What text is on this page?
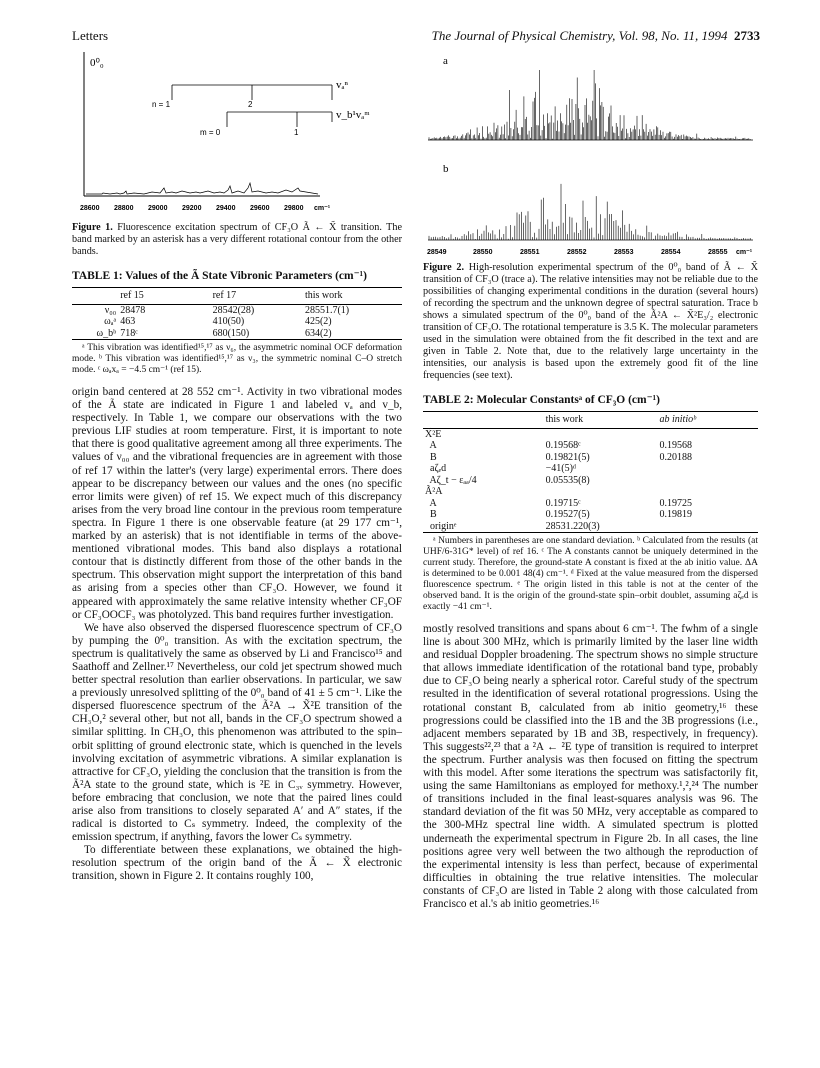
Letters	The Journal of Physical Chemistry, Vol. 98, No. 11, 1994 2733
0⁰₀
vₐⁿ
n = 1	2
v_b¹vₐᵐ
m = 0	1
28600 28800 29000 29200 29400 29600 29800 cm⁻¹

Figure 1. Fluorescence excitation spectrum of CF₃O Ã ← X̃ transition. The band marked by an asterisk has a very different rotational contour from the other bands.

TABLE 1: Values of the Ã State Vibronic Parameters (cm⁻¹)
	ref 15	ref 17	this work
ν₀₀	28478	28542(28)	28551.7(1)
ωₐᵃ	463	410(50)	425(2)
ω_bᵇ	718ᶜ	680(150)	634(2)

ᵃ This vibration was identified¹⁵,¹⁷ as ν₆, the asymmetric nominal OCF deformation mode. ᵇ This vibration was identified¹⁵,¹⁷ as ν₃, the symmetric nominal C–O stretch mode. ᶜ ωₐxₐ = −4.5 cm⁻¹ (ref 15).

origin band centered at 28 552 cm⁻¹. Activity in two vibrational modes of the Ã state are indicated in Figure 1 and labeled vₐ and v_b, respectively. In Table 1, we compare our observations with the two previous LIF studies at room temperature. First, it is important to note that there is good qualitative agreement among all three experiments. The values of ν₀₀ and the vibrational frequencies are in agreement with those of ref 17 within the latter's (very large) experimental errors. There does appear to be discrepancy between our values and the ones (no specific error limits were given) of ref 15. We expect much of this discrepancy arises from the very broad line contour in the previous room temperature spectra. In Figure 1 there is one observable feature (at 29 177 cm⁻¹, marked by an asterisk) that is not identifiable in terms of the above-mentioned vibrational modes. This band also displays a rotational contour that is distinctly different from those of the other bands in the spectrum. This observation might support the interpretation of this band as arising from a species other than CF₃O. However, we found it appeared with approximately the same relative intensity whether CF₃OF or CF₃OOCF₃ was photolyzed. This band requires further investigation.

We have also observed the dispersed fluorescence spectrum of CF₃O by pumping the 0⁰₀ transition. As with the excitation spectrum, the spectrum is qualitatively the same as observed by Li and Francisco¹⁵ and Saathoff and Zellner.¹⁷ Nevertheless, our cold jet spectrum showed much better spectral resolution than earlier observations. In particular, we saw a previously unresolved splitting of the 0⁰₀ band of 41 ± 5 cm⁻¹. Like the dispersed fluorescence spectrum of the Ã²A → X̃²E transition of the CH₃O,² several other, but not all, bands in the CF₃O spectrum showed a similar splitting. In CH₃O, this phenomenon was attributed to the spin–orbit splitting of ground electronic state, which is quenched in the levels involving excitation of asymmetric vibrations. A similar explanation is attractive for CF₃O, yielding the conclusion that the transition is from the Ã²A state to the ground state, which is ²E in C₃ᵥ symmetry. However, before embracing that conclusion, we note that the paired lines could arise also from transitions to closely separated A′ and A″ states, if the radical is distorted to Cₛ symmetry. Indeed, the complexity of the emission spectrum, if anything, favors the lower Cₛ symmetry.

To differentiate between these explanations, we obtained the high-resolution spectrum of the origin band of the Ã ← X̃ electronic transition, shown in Figure 2. It contains roughly 100,

a
b
28549	28550	28551	28552	28553	28554	28555 cm⁻¹

Figure 2. High-resolution experimental spectrum of the 0⁰₀ band of Ã ← X̃ transition of CF₃O (trace a). The relative intensities may not be reliable due to the possibilities of changing experimental conditions in the duration (several hours) of recording the spectrum and the unknown degree of spectral saturation. Trace b shows a simulated spectrum of the 0⁰₀ band of the Ã²A ← X̃²E₃/₂ electronic transition of CF₃O. The rotational temperature is 3.5 K. The molecular parameters used in the simulation were obtained from the fit described in the text and are given in Table 2. Note that, due to the relatively large uncertainty in the intensities, our analysis is based upon the extremely good fit of the line frequencies (see text).

TABLE 2: Molecular Constantsᵃ of CF₃O (cm⁻¹)
	this work	ab initioᵇ
X̃²E		
A	0.19568ᶜ	0.19568
B	0.19821(5)	0.20188
aζₑd	−41(5)ᵈ	
Aζ_t − εₐₐ/4	0.05535(8)	
Ã²A		
A	0.19715ᶜ	0.19725
B	0.19527(5)	0.19819
originᵉ	28531.220(3)	

ᵃ Numbers in parentheses are one standard deviation. ᵇ Calculated from the results (at UHF/6-31G* level) of ref 16. ᶜ The A constants cannot be uniquely determined in the current study. Therefore, the ground-state A constant is fixed at the ab initio value. ΔA is determined to be 0.001 48(4) cm⁻¹. ᵈ Fixed at the value measured from the dispersed fluorescence spectrum. ᵉ The origin listed in this table is not at the center of the observed band. It is the origin of the ground-state spin–orbit doublet, assuming aζₑd is exactly −41 cm⁻¹.

mostly resolved transitions and spans about 6 cm⁻¹. The fwhm of a single line is about 300 MHz, which is primarily limited by the laser line width and residual Doppler broadening. The spectrum shows no simple structure that allows immediate identification of the rotational band type, probably due to CF₃O being nearly a spherical rotor. Careful study of the spectrum resulted in the identification of several rotational progressions. Using the rotational constant B, calculated from ab initio geometry,¹⁶ these progressions could be classified into the 1B and the 3B progressions (i.e., adjacent members separated by 1B and 3B, respectively, in frequency). This suggests²²,²³ that a ²A ← ²E type of transition is required to interpret the spectrum. Further analysis was then focused on fitting the spectrum with this model. After some iterations the spectrum was satisfactorily fit, using the same Hamiltonians as employed for methoxy.¹,²,²⁴ The number of transitions included in the final least-squares analysis was 96. The standard deviation of the fit was 50 MHz, very acceptable as compared to the 300-MHz spectral line width. A simulated spectrum is plotted underneath the experimental spectrum in Figure 2b. In all cases, the line positions agree very well between the two although the reproduction of the experimental intensity is less than perfect, because of experimental difficulties in obtaining the true relative intensities. The molecular constants of CF₃O are listed in Table 2 along with those calculated from Francisco et al.'s ab initio geometries.¹⁶
